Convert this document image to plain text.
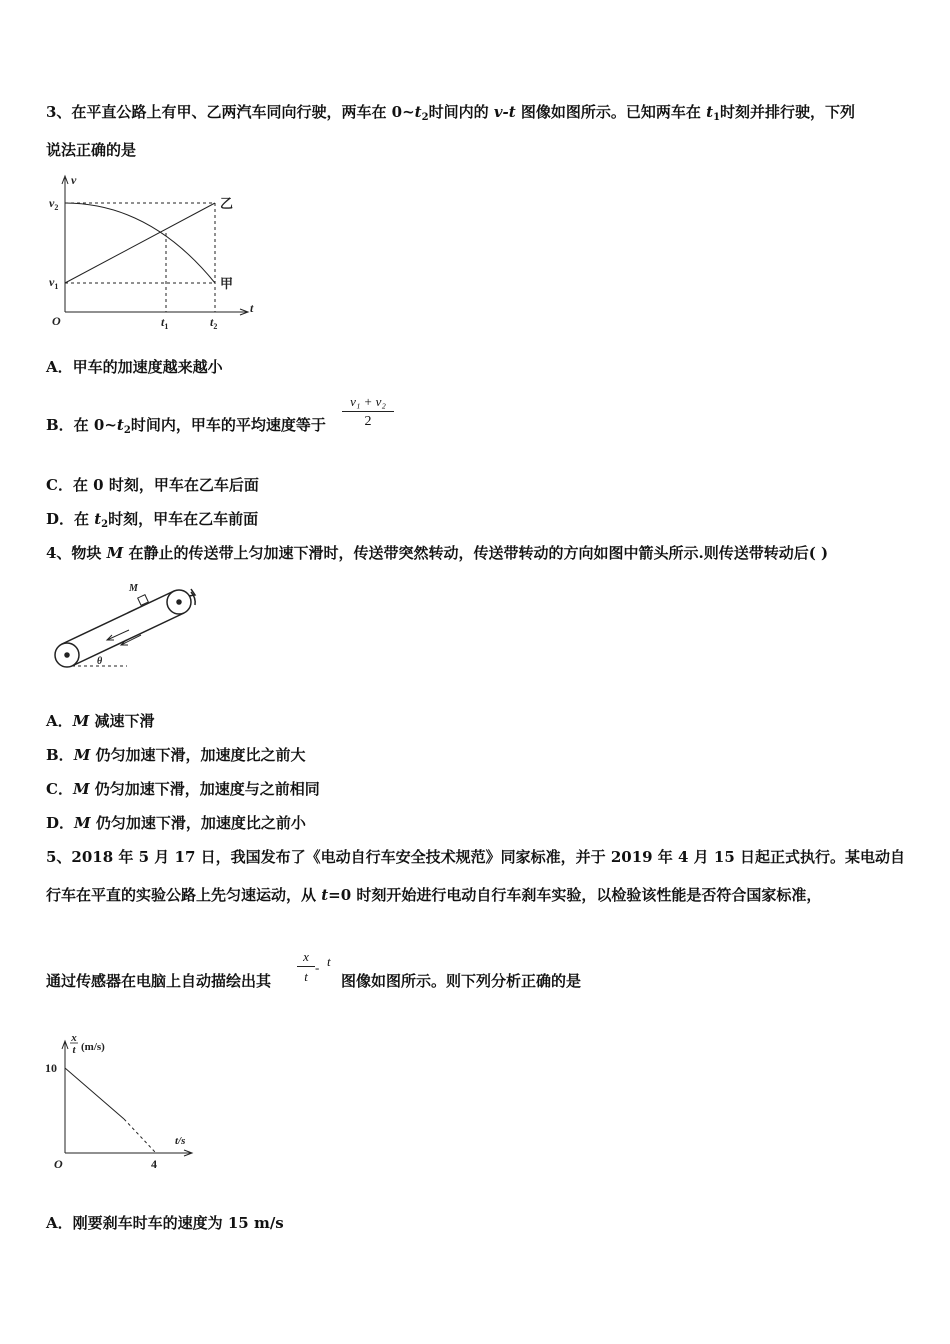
3、在平直公路上有甲、乙两汽车同向行驶，两车在 $0\sim t_2$时间内的 v-t 图像如图所示。已知两车在 $t_1$时刻并排行驶，下列
说法正确的是
v
t
$v_2$
$v_1$
O	$t_1$	$t_2$
乙
甲
A．甲车的加速度越来越小
B．在 $0\sim t_2$时间内，甲车的平均速度等于 $\frac{\text{v₁ + v₂}}{2}$
C．在 0 时刻，甲车在乙车后面
D．在 $t_2$时刻，甲车在乙车前面
4、物块 M 在静止的传送带上匀加速下滑时，传送带突然转动，传送带转动的方向如图中箭头所示.则传送带转动后( )
M
θ
A．M 减速下滑
B．M 仍匀加速下滑，加速度比之前大
C．M 仍匀加速下滑，加速度与之前相同
D．M 仍匀加速下滑，加速度比之前小
5、2018 年 5 月 17 日，我国发布了《电动自行车安全技术规范》同家标准，并于 2019 年 4 月 15 日起正式执行。某电动自
行车在平直的实验公路上先匀速运动，从 t=0 时刻开始进行电动自行车刹车实验，以检验该性能是否符合国家标准，
通过传感器在电脑上自动描绘出其 $\frac{x}{t}$ - t
图像如图所示。则下列分析正确的是
x
t (m/s)
10
t/s
4
O
A．刚要刹车时车的速度为 15 m/s
